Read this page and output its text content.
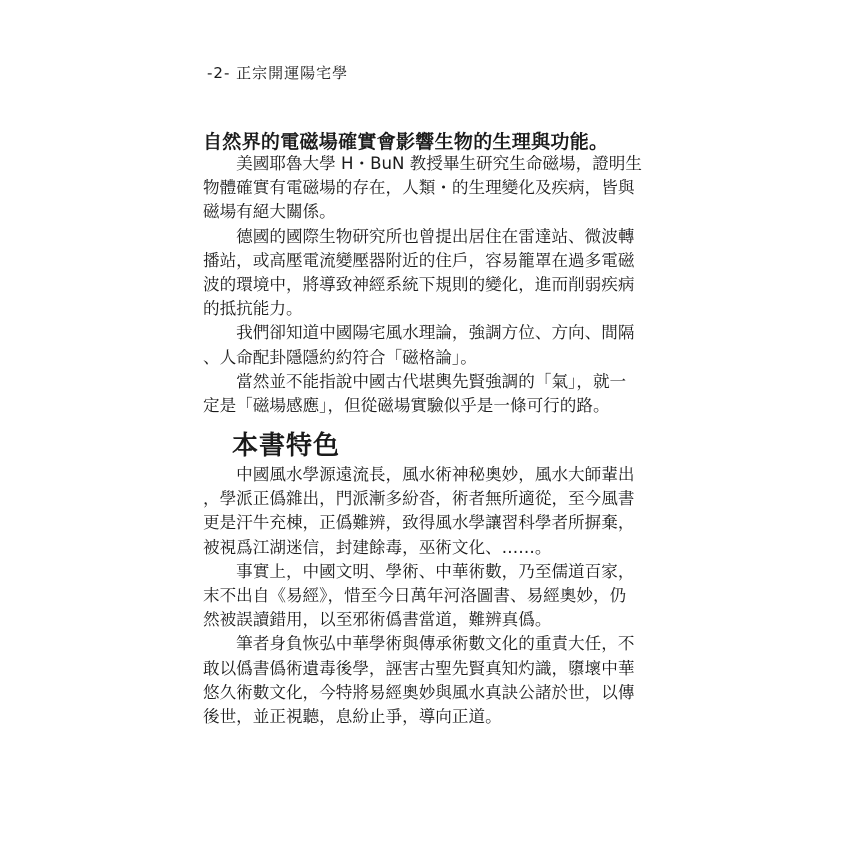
-2- 正宗開運陽宅學
自然界的電磁場確實會影響生物的生理與功能。
　　美國耶魯大學 H・BuN 教授畢生研究生命磁場，證明生
物體確實有電磁場的存在，人類・的生理變化及疾病，皆與
磁場有絕大關係。
　　德國的國際生物研究所也曾提出居住在雷達站、微波轉
播站，或高壓電流變壓器附近的住戶，容易籠罩在過多電磁
波的環境中，將導致神經系統下規則的變化，進而削弱疾病
的抵抗能力。
　　我們卻知道中國陽宅風水理論，強調方位、方向、間隔
、人命配卦隱隱約約符合「磁格論」。
　　當然並不能指說中國古代堪輿先賢強調的「氣」，就一
定是「磁場感應」，但從磁場實驗似乎是一條可行的路。
本書特色
　　中國風水學源遠流長，風水術神秘奧妙，風水大師輩出
，學派正僞雜出，門派漸多紛沓，術者無所適從，至今風書
更是汗牛充棟，正僞難辨，致得風水學讓習科學者所摒棄，
被視爲江湖迷信，封建餘毒，巫術文化、……。
　　事實上，中國文明、學術、中華術數，乃至儒道百家，
末不出自《易經》，惜至今日萬年河洛圖書、易經奧妙，仍
然被誤讀錯用，以至邪術僞書當道，難辨真僞。
　　筆者身負恢弘中華學術與傳承術數文化的重責大任，不
敢以僞書僞術遺毒後學，誣害古聖先賢真知灼識，隳壞中華
悠久術數文化，今特將易經奧妙與風水真訣公諸於世，以傳
後世，並正視聽，息紛止爭，導向正道。
